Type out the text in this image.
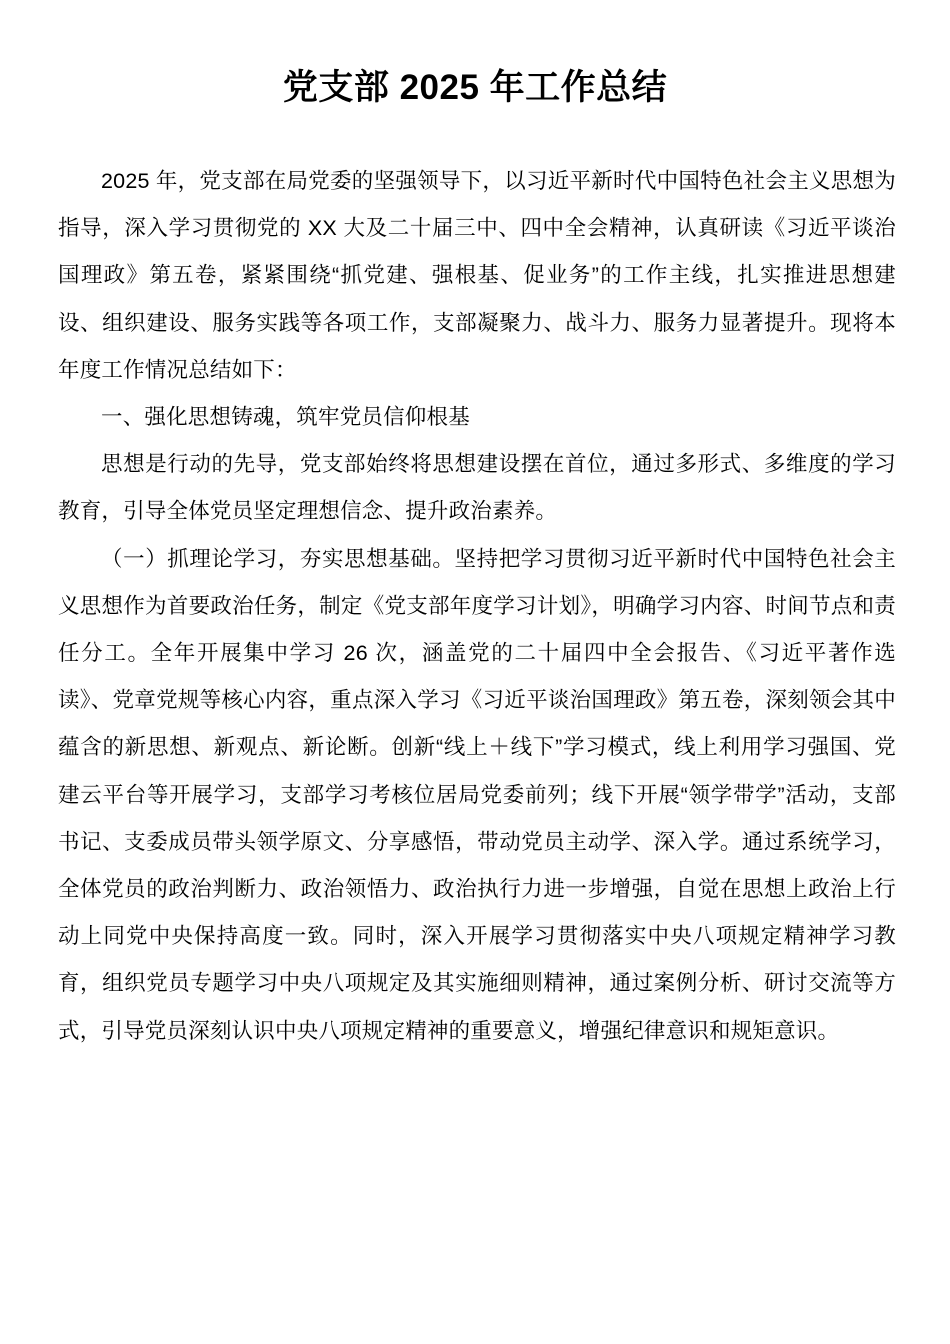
党支部 2025 年工作总结

2025 年，党支部在局党委的坚强领导下，以习近平新时代中国特色社会主义思想为指导，深入学习贯彻党的 XX 大及二十届三中、四中全会精神，认真研读《习近平谈治国理政》第五卷，紧紧围绕“抓党建、强根基、促业务”的工作主线，扎实推进思想建设、组织建设、服务实践等各项工作，支部凝聚力、战斗力、服务力显著提升。现将本年度工作情况总结如下：

一、强化思想铸魂，筑牢党员信仰根基

思想是行动的先导，党支部始终将思想建设摆在首位，通过多形式、多维度的学习教育，引导全体党员坚定理想信念、提升政治素养。

（一）抓理论学习，夯实思想基础。坚持把学习贯彻习近平新时代中国特色社会主义思想作为首要政治任务，制定《党支部年度学习计划》，明确学习内容、时间节点和责任分工。全年开展集中学习 26 次，涵盖党的二十届四中全会报告、《习近平著作选读》、党章党规等核心内容，重点深入学习《习近平谈治国理政》第五卷，深刻领会其中蕴含的新思想、新观点、新论断。创新“线上＋线下”学习模式，线上利用学习强国、党建云平台等开展学习，支部学习考核位居局党委前列；线下开展“领学带学”活动，支部书记、支委成员带头领学原文、分享感悟，带动党员主动学、深入学。通过系统学习，全体党员的政治判断力、政治领悟力、政治执行力进一步增强，自觉在思想上政治上行动上同党中央保持高度一致。同时，深入开展学习贯彻落实中央八项规定精神学习教育，组织党员专题学习中央八项规定及其实施细则精神，通过案例分析、研讨交流等方式，引导党员深刻认识中央八项规定精神的重要意义，增强纪律意识和规矩意识。
